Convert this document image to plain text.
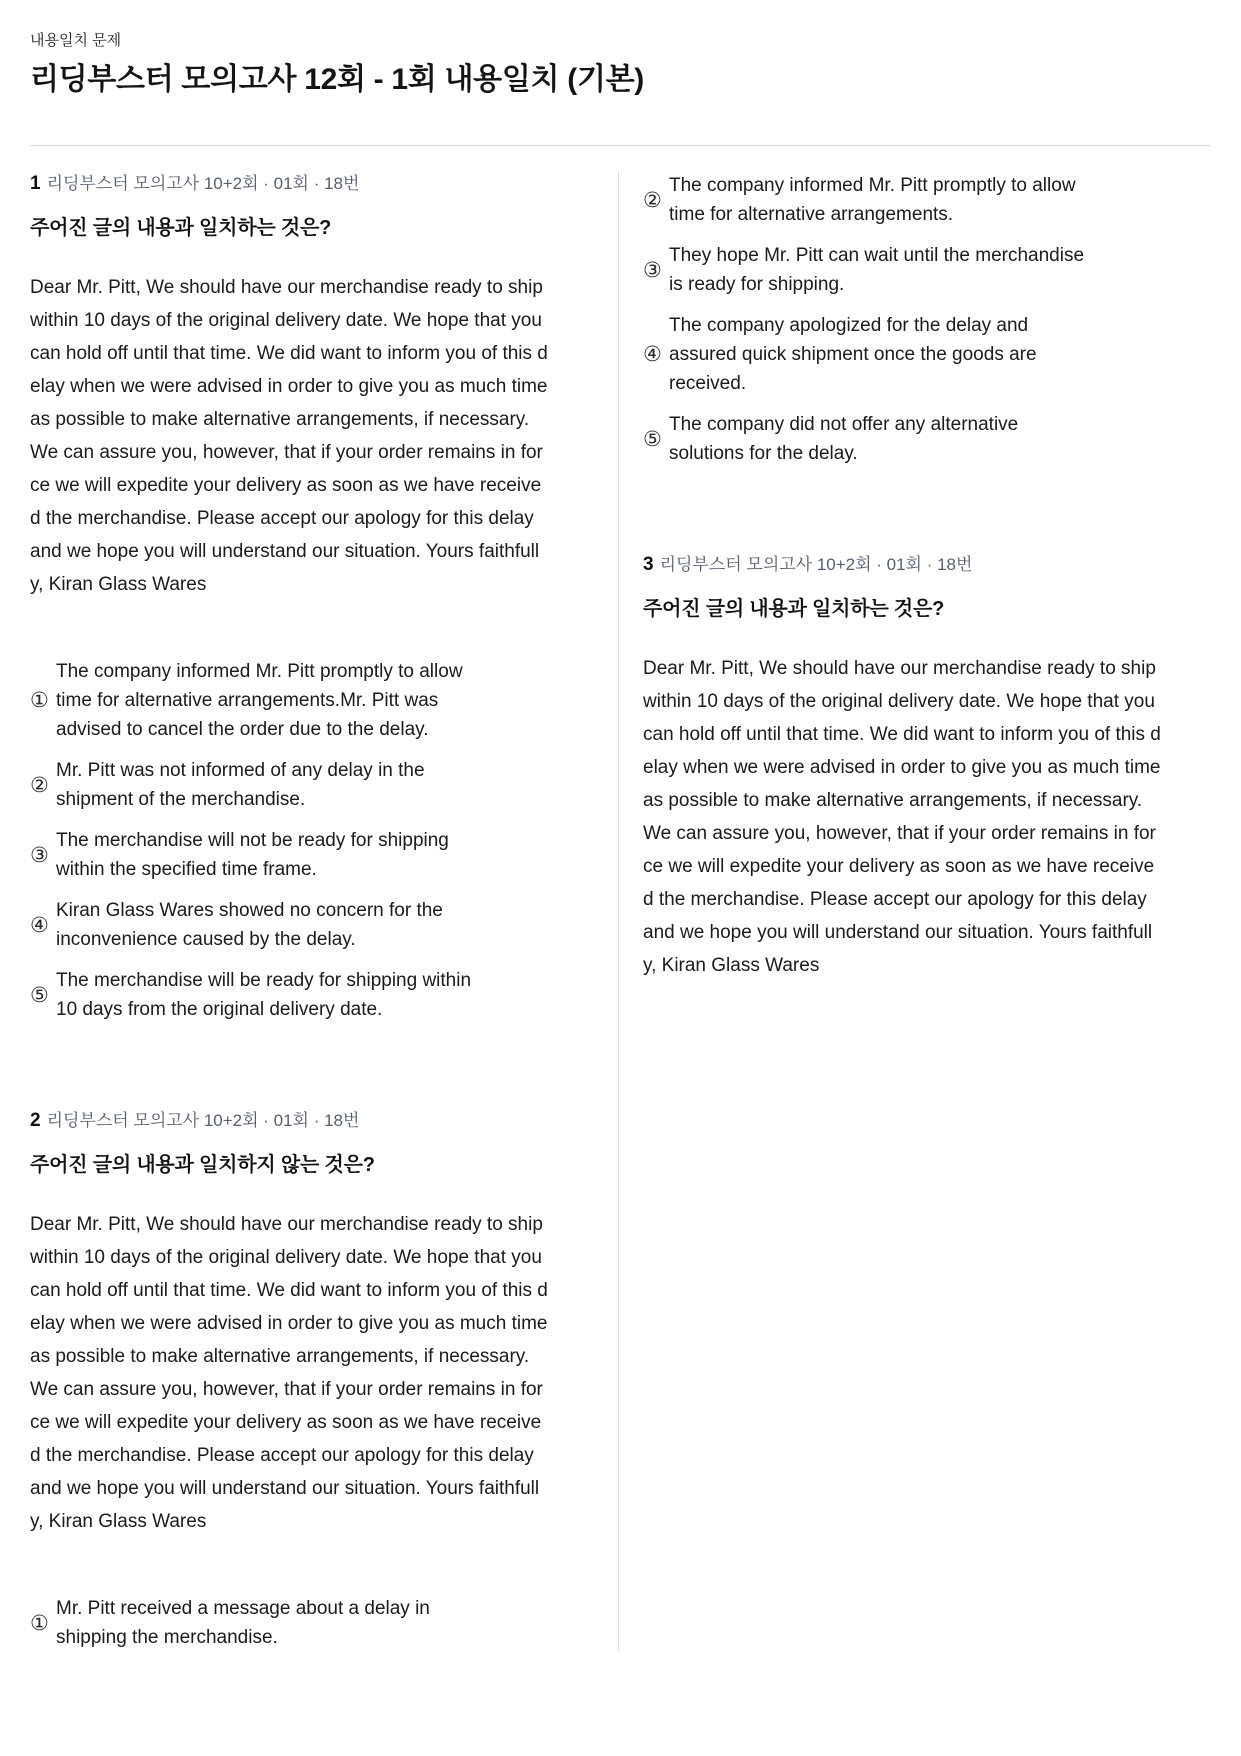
내용일치 문제
리딩부스터 모의고사 12회 - 1회 내용일치 (기본)
1 리딩부스터 모의고사 10+2회 · 01회 · 18번
주어진 글의 내용과 일치하는 것은?

Dear Mr. Pitt, We should have our merchandise ready to ship within 10 days of the original delivery date. We hope that you can hold off until that time. We did want to inform you of this delay when we were advised in order to give you as much time as possible to make alternative arrangements, if necessary. We can assure you, however, that if your order remains in force we will expedite your delivery as soon as we have received the merchandise. Please accept our apology for this delay and we hope you will understand our situation. Yours faithfully, Kiran Glass Wares

①
The company informed Mr. Pitt promptly to allow time for alternative arrangements.Mr. Pitt was advised to cancel the order due to the delay.
②
Mr. Pitt was not informed of any delay in the shipment of the merchandise.
③
The merchandise will not be ready for shipping within the specified time frame.
④
Kiran Glass Wares showed no concern for the inconvenience caused by the delay.
⑤
The merchandise will be ready for shipping within 10 days from the original delivery date.
2 리딩부스터 모의고사 10+2회 · 01회 · 18번
주어진 글의 내용과 일치하지 않는 것은?

Dear Mr. Pitt, We should have our merchandise ready to ship within 10 days of the original delivery date. We hope that you can hold off until that time. We did want to inform you of this delay when we were advised in order to give you as much time as possible to make alternative arrangements, if necessary. We can assure you, however, that if your order remains in force we will expedite your delivery as soon as we have received the merchandise. Please accept our apology for this delay and we hope you will understand our situation. Yours faithfully, Kiran Glass Wares

①
Mr. Pitt received a message about a delay in shipping the merchandise.
②
The company informed Mr. Pitt promptly to allow time for alternative arrangements.
③
They hope Mr. Pitt can wait until the merchandise is ready for shipping.
④
The company apologized for the delay and assured quick shipment once the goods are received.
⑤
The company did not offer any alternative solutions for the delay.
3 리딩부스터 모의고사 10+2회 · 01회 · 18번
주어진 글의 내용과 일치하는 것은?

Dear Mr. Pitt, We should have our merchandise ready to ship within 10 days of the original delivery date. We hope that you can hold off until that time. We did want to inform you of this delay when we were advised in order to give you as much time as possible to make alternative arrangements, if necessary. We can assure you, however, that if your order remains in force we will expedite your delivery as soon as we have received the merchandise. Please accept our apology for this delay and we hope you will understand our situation. Yours faithfully, Kiran Glass Wares
